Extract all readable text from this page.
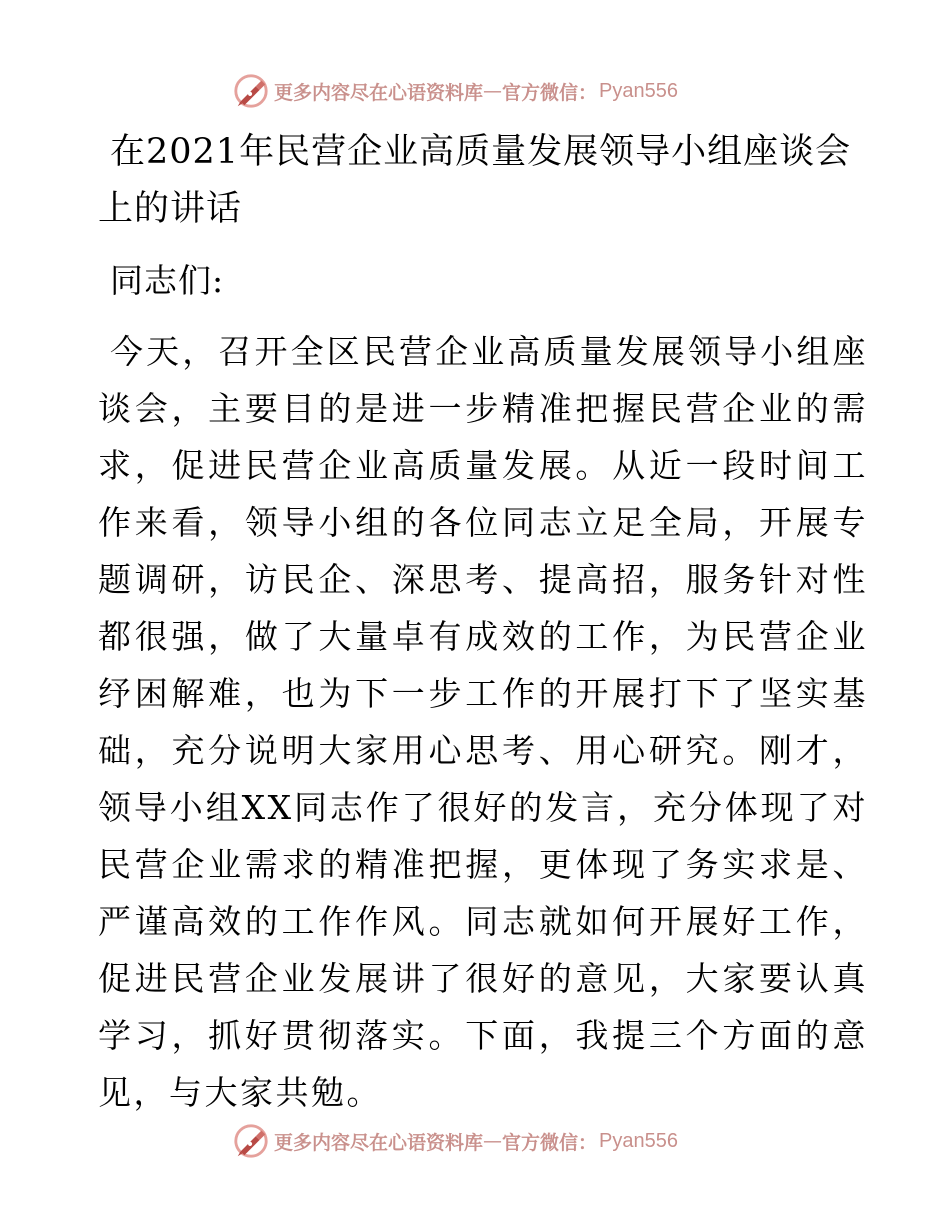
更多内容尽在心语资料库 — 官方微信： Pyan556
在2021年民营企业高质量发展领导小组座谈会上的讲话

同志们:

今天，召开全区民营企业高质量发展领导小组座谈会，主要目的是进一步精准把握民营企业的需求，促进民营企业高质量发展。从近一段时间工作来看，领导小组的各位同志立足全局，开展专题调研，访民企、深思考、提高招，服务针对性都很强，做了大量卓有成效的工作，为民营企业纾困解难，也为下一步工作的开展打下了坚实基础，充分说明大家用心思考、用心研究。刚才，领导小组XX同志作了很好的发言，充分体现了对民营企业需求的精准把握，更体现了务实求是、严谨高效的工作作风。同志就如何开展好工作，促进民营企业发展讲了很好的意见，大家要认真学习，抓好贯彻落实。下面，我提三个方面的意见，与大家共勉。

更多内容尽在心语资料库 — 官方微信： Pyan556
